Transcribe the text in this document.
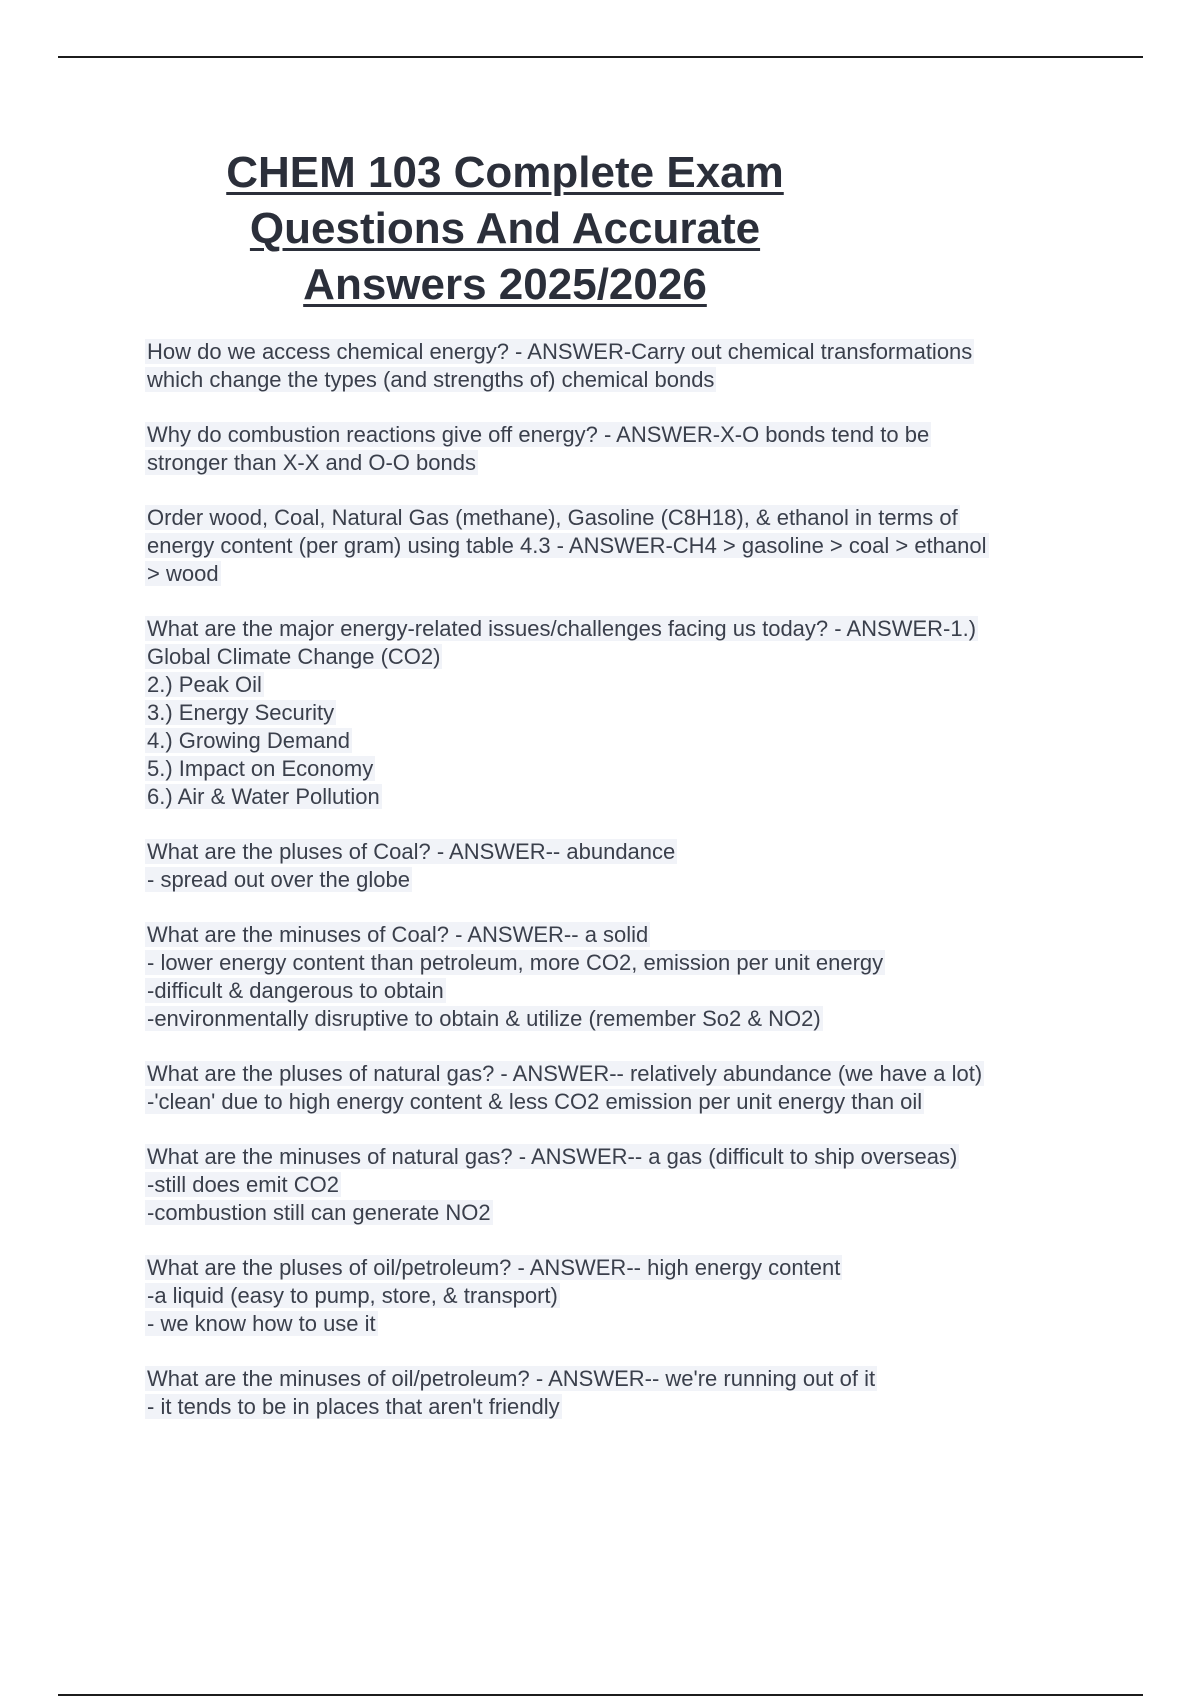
CHEM 103 Complete Exam
Questions And Accurate
Answers 2025/2026
How do we access chemical energy? - ANSWER-Carry out chemical transformations
which change the types (and strengths of) chemical bonds
Why do combustion reactions give off energy? - ANSWER-X-O bonds tend to be
stronger than X-X and O-O bonds
Order wood, Coal, Natural Gas (methane), Gasoline (C8H18), & ethanol in terms of
energy content (per gram) using table 4.3 - ANSWER-CH4 > gasoline > coal > ethanol
> wood
What are the major energy-related issues/challenges facing us today? - ANSWER-1.)
Global Climate Change (CO2)
2.) Peak Oil
3.) Energy Security
4.) Growing Demand
5.) Impact on Economy
6.) Air & Water Pollution
What are the pluses of Coal? - ANSWER-- abundance
- spread out over the globe
What are the minuses of Coal? - ANSWER-- a solid
- lower energy content than petroleum, more CO2, emission per unit energy
-difficult & dangerous to obtain
-environmentally disruptive to obtain & utilize (remember So2 & NO2)
What are the pluses of natural gas? - ANSWER-- relatively abundance (we have a lot)
-'clean' due to high energy content & less CO2 emission per unit energy than oil
What are the minuses of natural gas? - ANSWER-- a gas (difficult to ship overseas)
-still does emit CO2
-combustion still can generate NO2
What are the pluses of oil/petroleum? - ANSWER-- high energy content
-a liquid (easy to pump, store, & transport)
- we know how to use it
What are the minuses of oil/petroleum? - ANSWER-- we're running out of it
- it tends to be in places that aren't friendly
